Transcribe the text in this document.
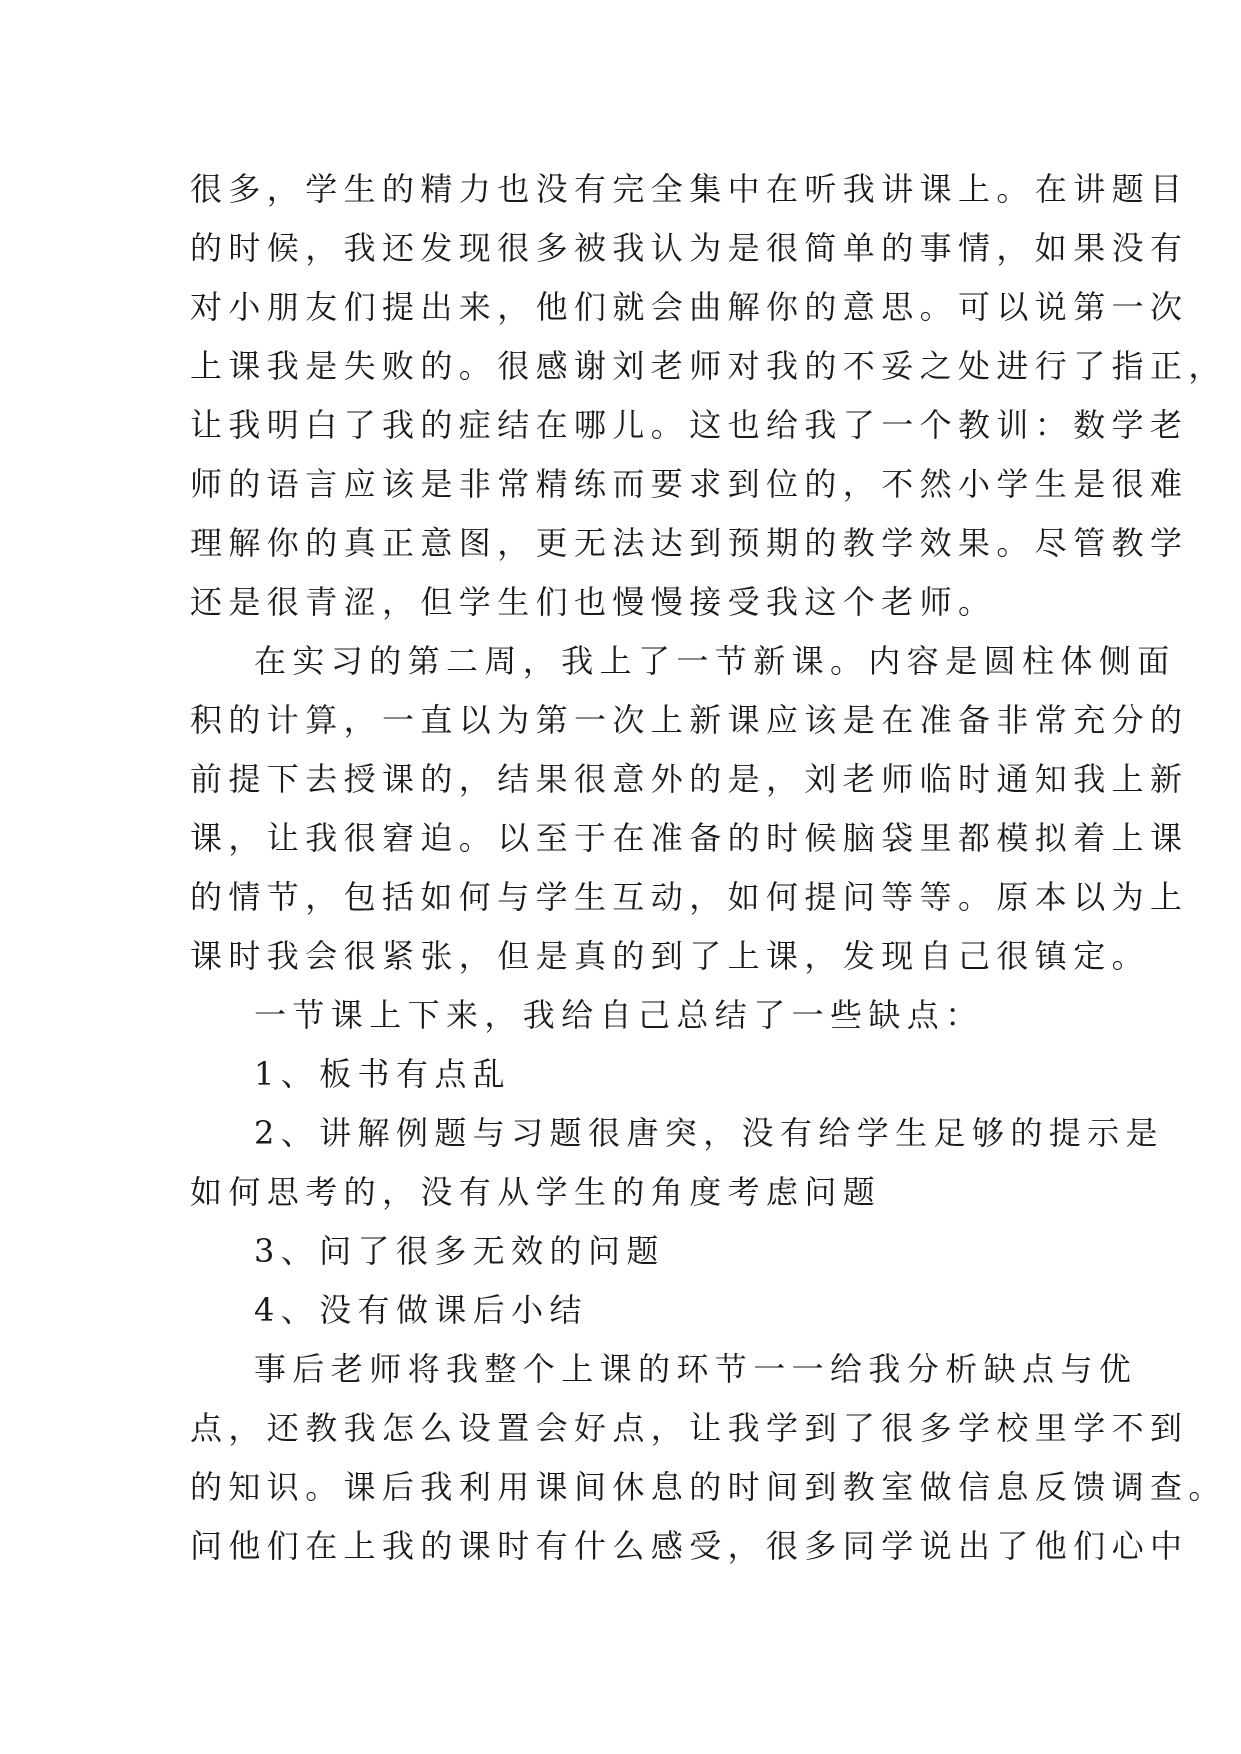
很多，学生的精力也没有完全集中在听我讲课上。在讲题目
的时候，我还发现很多被我认为是很简单的事情，如果没有
对小朋友们提出来，他们就会曲解你的意思。可以说第一次
上课我是失败的。很感谢刘老师对我的不妥之处进行了指正，
让我明白了我的症结在哪儿。这也给我了一个教训：数学老
师的语言应该是非常精练而要求到位的，不然小学生是很难
理解你的真正意图，更无法达到预期的教学效果。尽管教学
还是很青涩，但学生们也慢慢接受我这个老师。

在实习的第二周，我上了一节新课。内容是圆柱体侧面
积的计算，一直以为第一次上新课应该是在准备非常充分的
前提下去授课的，结果很意外的是，刘老师临时通知我上新
课，让我很窘迫。以至于在准备的时候脑袋里都模拟着上课
的情节，包括如何与学生互动，如何提问等等。原本以为上
课时我会很紧张，但是真的到了上课，发现自己很镇定。

一节课上下来，我给自己总结了一些缺点：

1、板书有点乱

2、讲解例题与习题很唐突，没有给学生足够的提示是
如何思考的，没有从学生的角度考虑问题

3、问了很多无效的问题

4、没有做课后小结

事后老师将我整个上课的环节一一给我分析缺点与优
点，还教我怎么设置会好点，让我学到了很多学校里学不到
的知识。课后我利用课间休息的时间到教室做信息反馈调查。
问他们在上我的课时有什么感受，很多同学说出了他们心中
